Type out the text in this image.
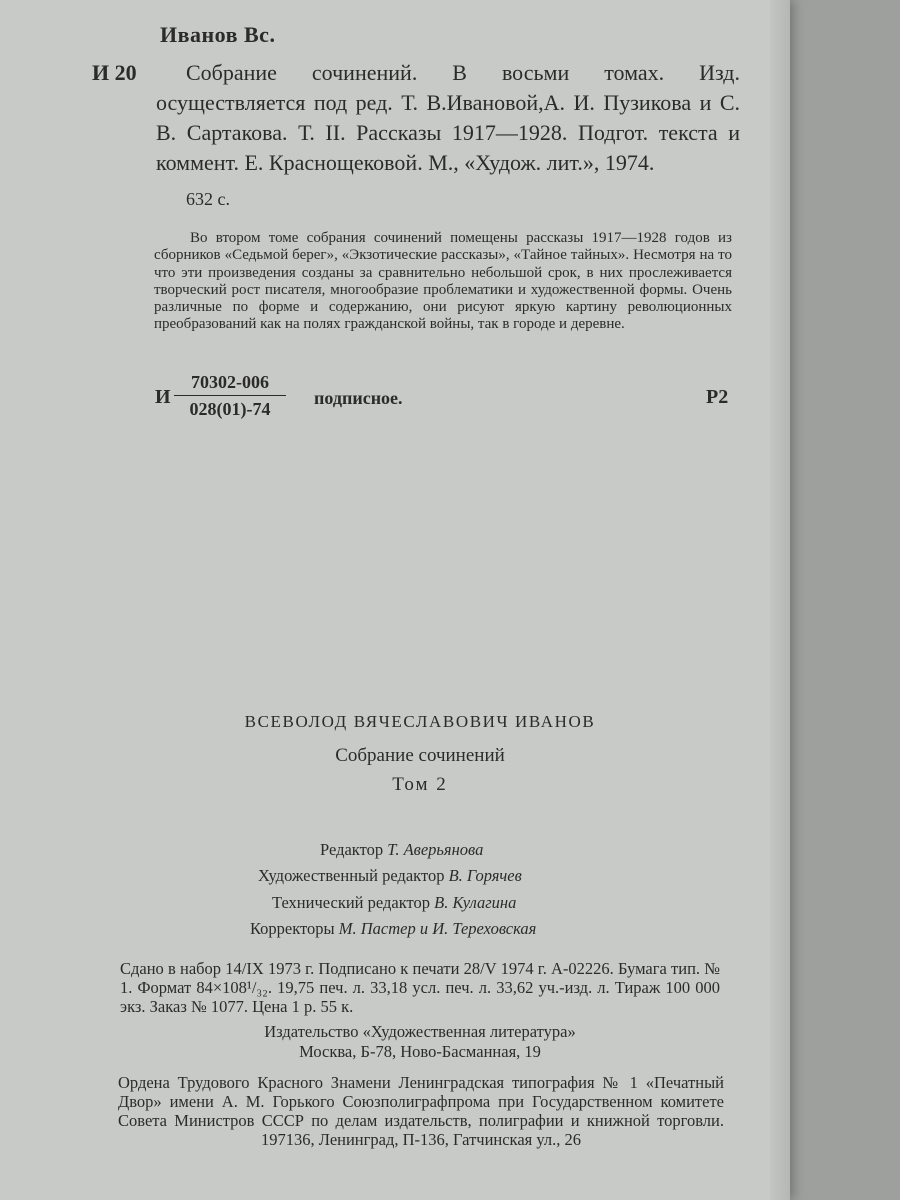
Иванов Вс.
И 20	Собрание сочинений. В восьми томах. Изд. осуществляется под ред. Т. В.Ивановой,А. И. Пузикова и С. В. Сартакова. Т. II. Рассказы 1917—1928. Подгот. текста и коммент. Е. Краснощековой. М., «Худож. лит.», 1974.
632 с.
Во втором томе собрания сочинений помещены рассказы 1917—1928 годов из сборников «Седьмой берег», «Экзотические рассказы», «Тайное тайных». Несмотря на то что эти произведения созданы за сравнительно небольшой срок, в них прослеживается творческий рост писателя, многообразие проблематики и художественной формы. Очень различные по форме и содержанию, они рисуют яркую картину революционных преобразований как на полях гражданской войны, так в городе и деревне.
И $\frac{70302-006}{028(01)-74}$ подписное.	Р2
ВСЕВОЛОД ВЯЧЕСЛАВОВИЧ ИВАНОВ
Собрание сочинений
Том 2
Редактор Т. Аверьянова
Художественный редактор В. Горячев
Технический редактор В. Кулагина
Корректоры М. Пастер и И. Тереховская
Сдано в набор 14/IX 1973 г. Подписано к печати 28/V 1974 г. А-02226. Бумага тип. № 1. Формат 84×108¹/₃₂. 19,75 печ. л. 33,18 усл. печ. л. 33,62 уч.-изд. л. Тираж 100 000 экз. Заказ № 1077. Цена 1 р. 55 к.
Издательство «Художественная литература»
Москва, Б-78, Ново-Басманная, 19
Ордена Трудового Красного Знамени Ленинградская типография № 1 «Печатный Двор» имени А. М. Горького Союзполиграфпрома при Государственном комитете Совета Министров СССР по делам издательств, полиграфии и книжной торговли. 197136, Ленинград, П-136, Гатчинская ул., 26
